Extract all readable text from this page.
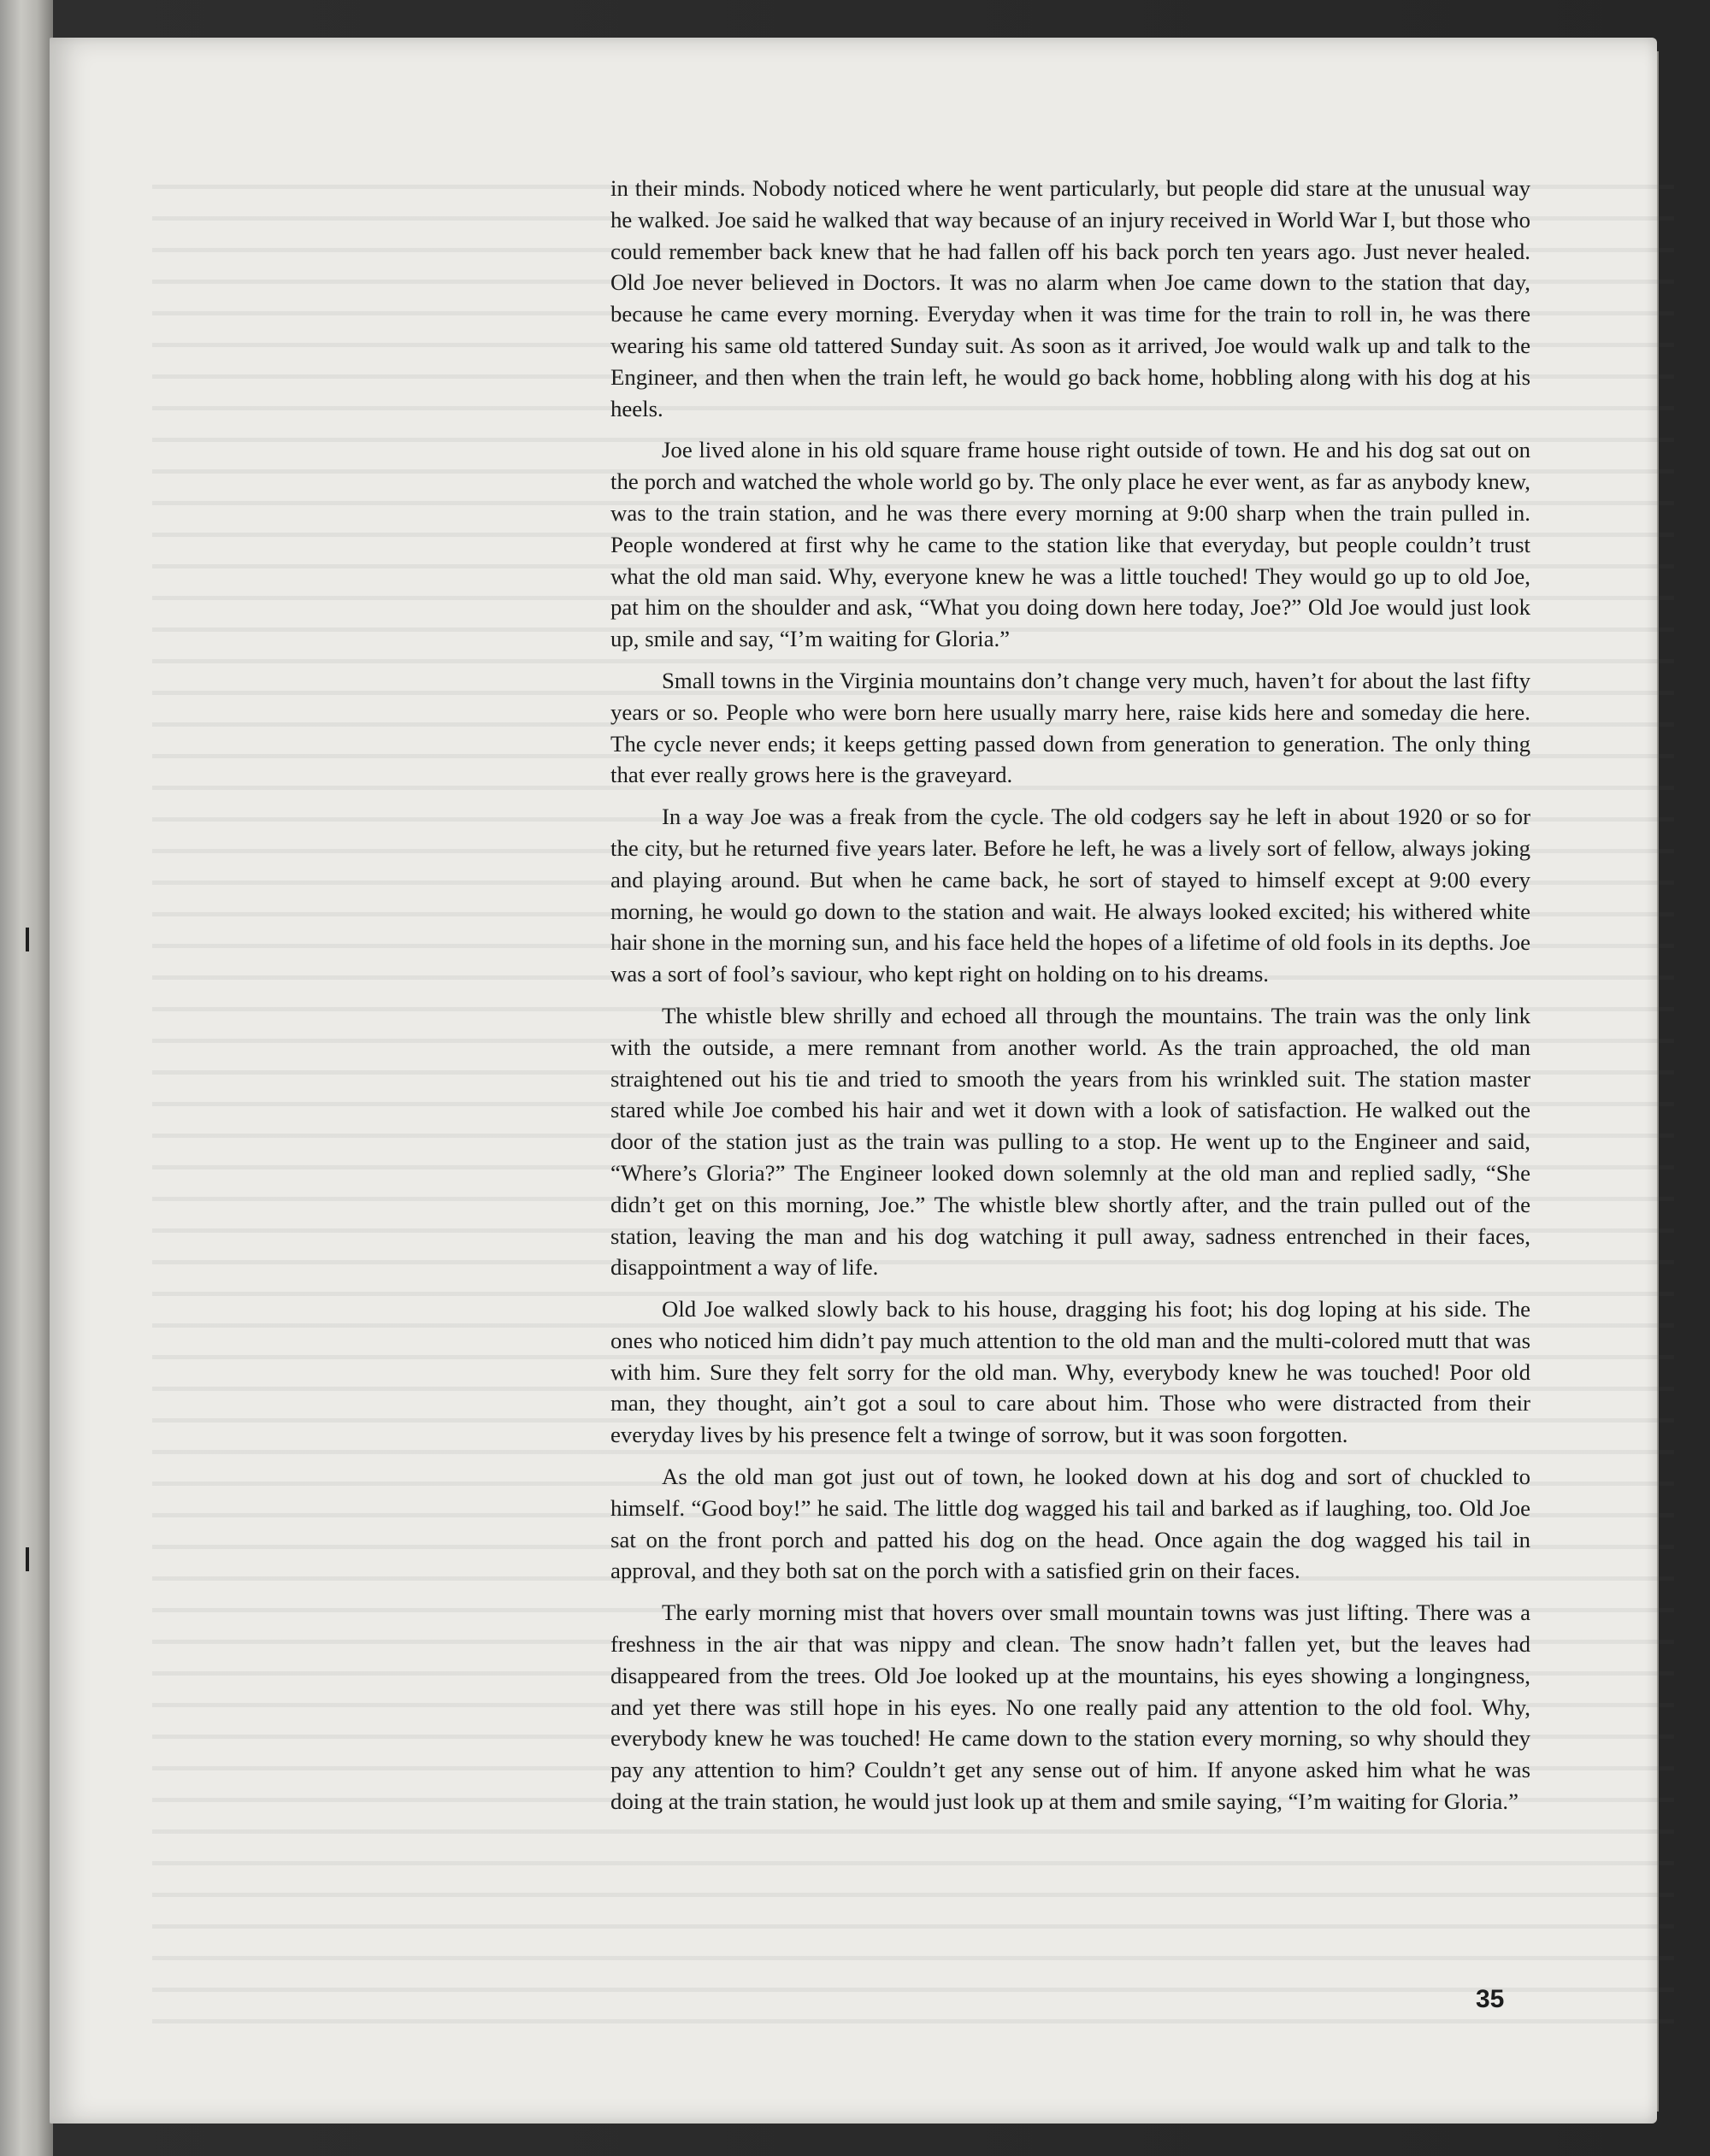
in their minds. Nobody noticed where he went particularly, but people did stare at the unusual way he walked. Joe said he walked that way because of an injury received in World War I, but those who could remember back knew that he had fallen off his back porch ten years ago. Just never healed. Old Joe never believed in Doctors. It was no alarm when Joe came down to the station that day, because he came every morning. Everyday when it was time for the train to roll in, he was there wearing his same old tattered Sunday suit. As soon as it arrived, Joe would walk up and talk to the Engineer, and then when the train left, he would go back home, hobbling along with his dog at his heels.

Joe lived alone in his old square frame house right outside of town. He and his dog sat out on the porch and watched the whole world go by. The only place he ever went, as far as anybody knew, was to the train station, and he was there every morning at 9:00 sharp when the train pulled in. People wondered at first why he came to the station like that everyday, but people couldn’t trust what the old man said. Why, everyone knew he was a little touched! They would go up to old Joe, pat him on the shoulder and ask, “What you doing down here today, Joe?” Old Joe would just look up, smile and say, “I’m waiting for Gloria.”

Small towns in the Virginia mountains don’t change very much, haven’t for about the last fifty years or so. People who were born here usually marry here, raise kids here and someday die here. The cycle never ends; it keeps getting passed down from generation to generation. The only thing that ever really grows here is the graveyard.

In a way Joe was a freak from the cycle. The old codgers say he left in about 1920 or so for the city, but he returned five years later. Before he left, he was a lively sort of fellow, always joking and playing around. But when he came back, he sort of stayed to himself except at 9:00 every morning, he would go down to the station and wait. He always looked excited; his withered white hair shone in the morning sun, and his face held the hopes of a lifetime of old fools in its depths. Joe was a sort of fool’s saviour, who kept right on holding on to his dreams.

The whistle blew shrilly and echoed all through the mountains. The train was the only link with the outside, a mere remnant from another world. As the train approached, the old man straightened out his tie and tried to smooth the years from his wrinkled suit. The station master stared while Joe combed his hair and wet it down with a look of satisfaction. He walked out the door of the station just as the train was pulling to a stop. He went up to the Engineer and said, “Where’s Gloria?” The Engineer looked down solemnly at the old man and replied sadly, “She didn’t get on this morning, Joe.” The whistle blew shortly after, and the train pulled out of the station, leaving the man and his dog watching it pull away, sadness entrenched in their faces, disappointment a way of life.

Old Joe walked slowly back to his house, dragging his foot; his dog loping at his side. The ones who noticed him didn’t pay much attention to the old man and the multi-colored mutt that was with him. Sure they felt sorry for the old man. Why, everybody knew he was touched! Poor old man, they thought, ain’t got a soul to care about him. Those who were distracted from their everyday lives by his presence felt a twinge of sorrow, but it was soon forgotten.

As the old man got just out of town, he looked down at his dog and sort of chuckled to himself. “Good boy!” he said. The little dog wagged his tail and barked as if laughing, too. Old Joe sat on the front porch and patted his dog on the head. Once again the dog wagged his tail in approval, and they both sat on the porch with a satisfied grin on their faces.

The early morning mist that hovers over small mountain towns was just lifting. There was a freshness in the air that was nippy and clean. The snow hadn’t fallen yet, but the leaves had disappeared from the trees. Old Joe looked up at the mountains, his eyes showing a longingness, and yet there was still hope in his eyes. No one really paid any attention to the old fool. Why, everybody knew he was touched! He came down to the station every morning, so why should they pay any attention to him? Couldn’t get any sense out of him. If anyone asked him what he was doing at the train station, he would just look up at them and smile saying, “I’m waiting for Gloria.”

35
